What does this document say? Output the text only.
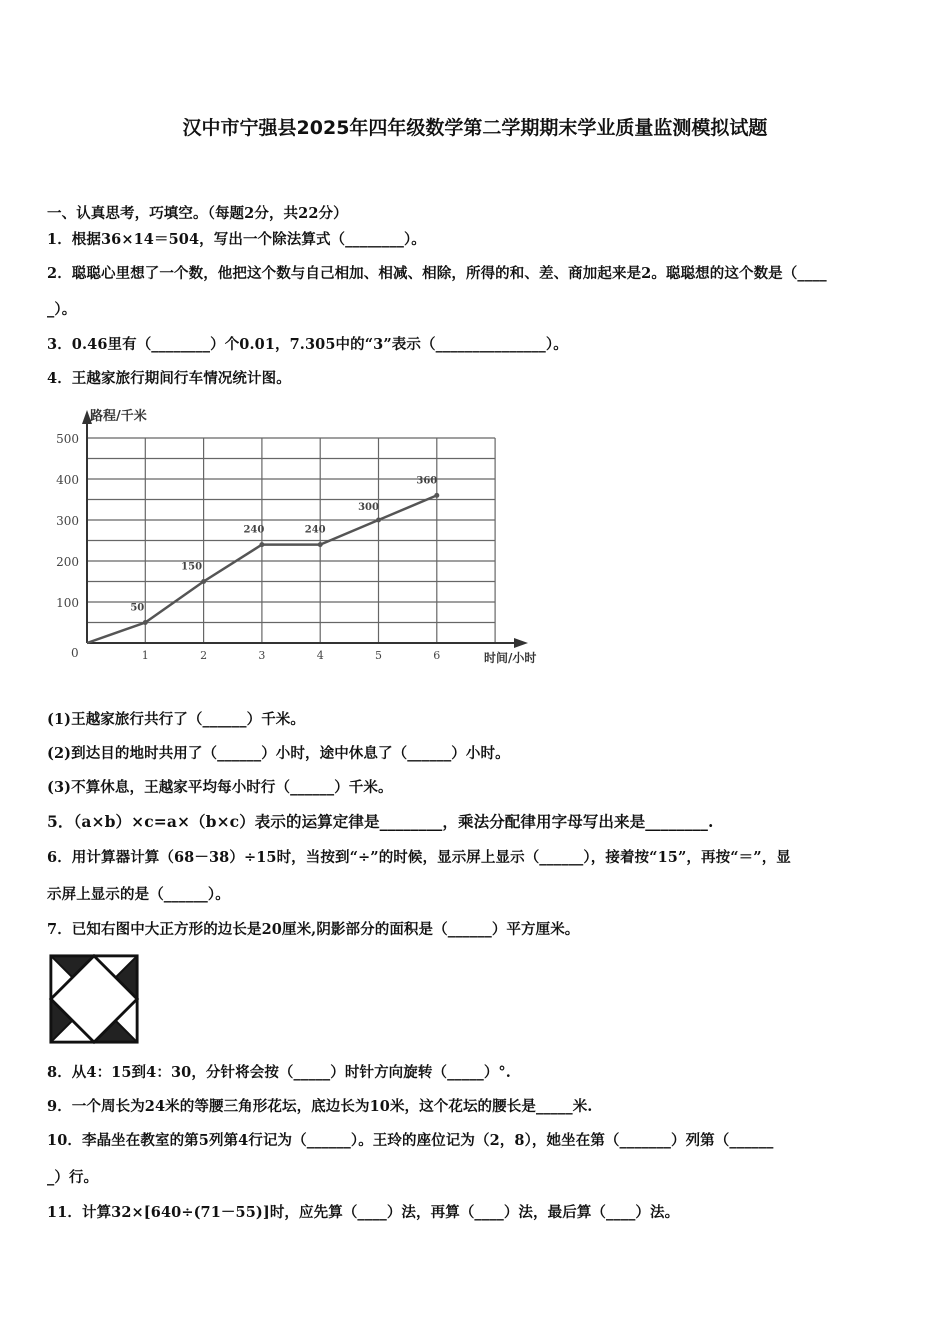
汉中市宁强县2025年四年级数学第二学期期末学业质量监测模拟试题
一、认真思考，巧填空。（每题2分，共22分）
1．根据36×14＝504，写出一个除法算式（________）。
2．聪聪心里想了一个数，他把这个数与自己相加、相减、相除，所得的和、差、商加起来是2。聪聪想的这个数是（____
_）。
3．0.46里有（________）个0.01，7.305中的“3”表示（_______________）。
4．王越家旅行期间行车情况统计图。
路程/千米
时间/小时
0
100
200
300
400
500
1	2	3	4	5	6
50
150
240	240
300
360
(1)王越家旅行共行了（______）千米。
(2)到达目的地时共用了（______）小时，途中休息了（______）小时。
(3)不算休息，王越家平均每小时行（______）千米。
5．（a×b）×c=a×（b×c）表示的运算定律是________，乘法分配律用字母写出来是________.
6．用计算器计算（68－38）÷15时，当按到“÷”的时候，显示屏上显示（______），接着按“15”，再按“＝”，显
示屏上显示的是（______）。
7．已知右图中大正方形的边长是20厘米,阴影部分的面积是（______）平方厘米。
8．从4：15到4：30，分针将会按（_____）时针方向旋转（_____）°.
9．一个周长为24米的等腰三角形花坛，底边长为10米，这个花坛的腰长是_____米.
10．李晶坐在教室的第5列第4行记为（______）。王玲的座位记为（2，8），她坐在第（_______）列第（______
_）行。
11．计算32×[640÷(71－55)]时，应先算（____）法，再算（____）法，最后算（____）法。
